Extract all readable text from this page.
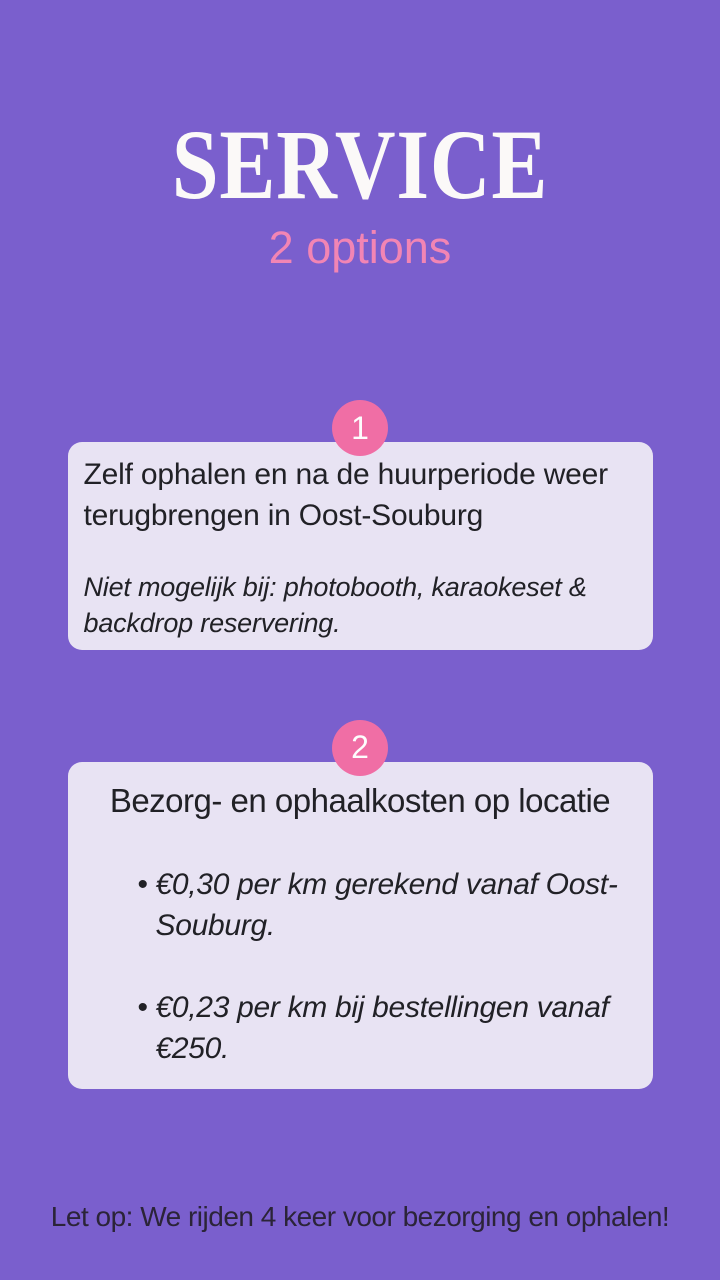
SERVICE
2 options
1

Zelf ophalen en na de huurperiode weer terugbrengen in Oost-Souburg

Niet mogelijk bij: photobooth, karaokeset & backdrop reservering.

2
Bezorg- en ophaalkosten op locatie
• €0,30 per km gerekend vanaf Oost-Souburg.
• €0,23 per km bij bestellingen vanaf €250.
Let op: We rijden 4 keer voor bezorging en ophalen!
